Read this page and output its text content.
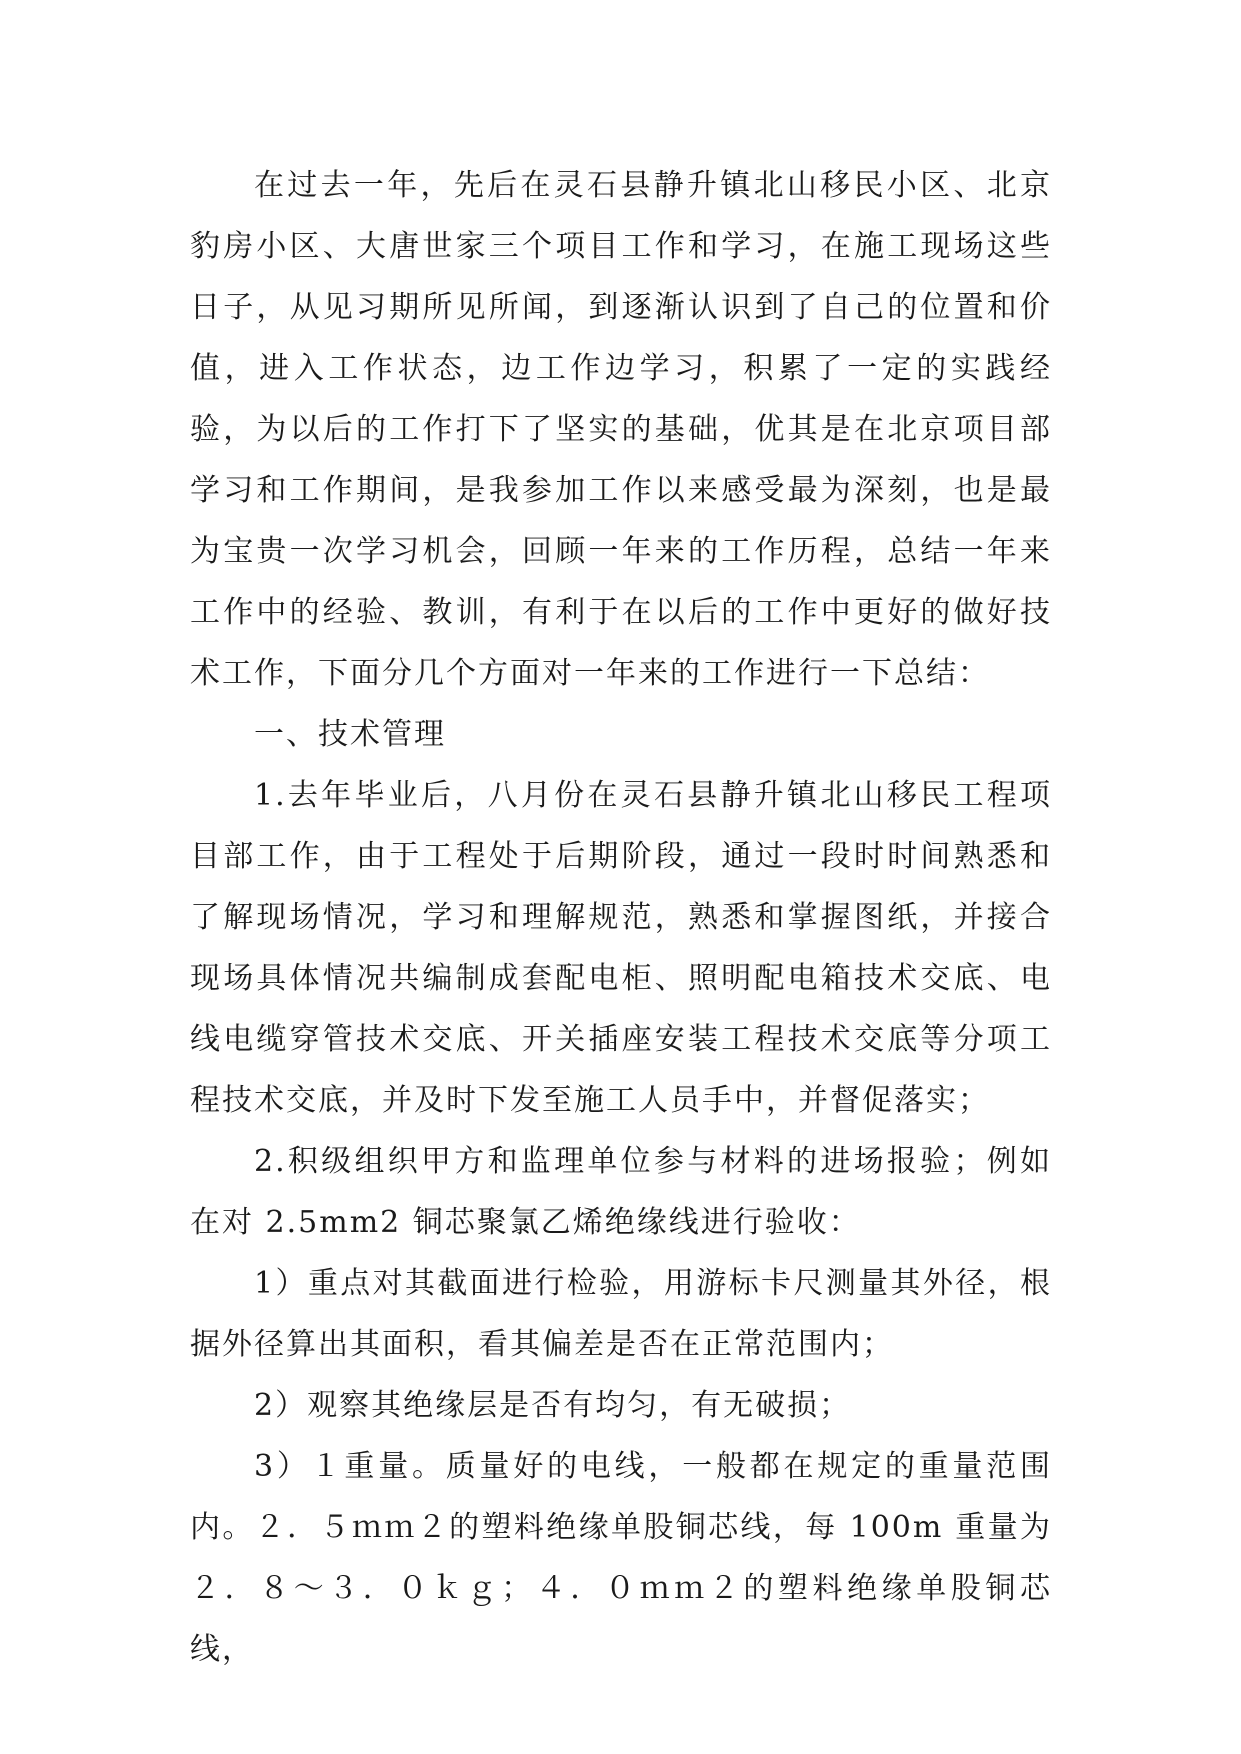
在过去一年，先后在灵石县静升镇北山移民小区、北京豹房小区、大唐世家三个项目工作和学习，在施工现场这些日子，从见习期所见所闻，到逐渐认识到了自己的位置和价值，进入工作状态，边工作边学习，积累了一定的实践经验，为以后的工作打下了坚实的基础，优其是在北京项目部学习和工作期间，是我参加工作以来感受最为深刻，也是最为宝贵一次学习机会，回顾一年来的工作历程，总结一年来工作中的经验、教训，有利于在以后的工作中更好的做好技术工作，下面分几个方面对一年来的工作进行一下总结：

一、技术管理

1.去年毕业后，八月份在灵石县静升镇北山移民工程项目部工作，由于工程处于后期阶段，通过一段时时间熟悉和了解现场情况，学习和理解规范，熟悉和掌握图纸，并接合现场具体情况共编制成套配电柜、照明配电箱技术交底、电线电缆穿管技术交底、开关插座安装工程技术交底等分项工程技术交底，并及时下发至施工人员手中，并督促落实；

2.积级组织甲方和监理单位参与材料的进场报验；例如在对 2.5mm2 铜芯聚氯乙烯绝缘线进行验收：

1）重点对其截面进行检验，用游标卡尺测量其外径，根据外径算出其面积，看其偏差是否在正常范围内；

2）观察其绝缘层是否有均匀，有无破损；

3）１重量。质量好的电线，一般都在规定的重量范围内。２．５ｍｍ２的塑料绝缘单股铜芯线，每 100m 重量为２．８～３．０ｋｇ；４．０ｍｍ２的塑料绝缘单股铜芯线，
